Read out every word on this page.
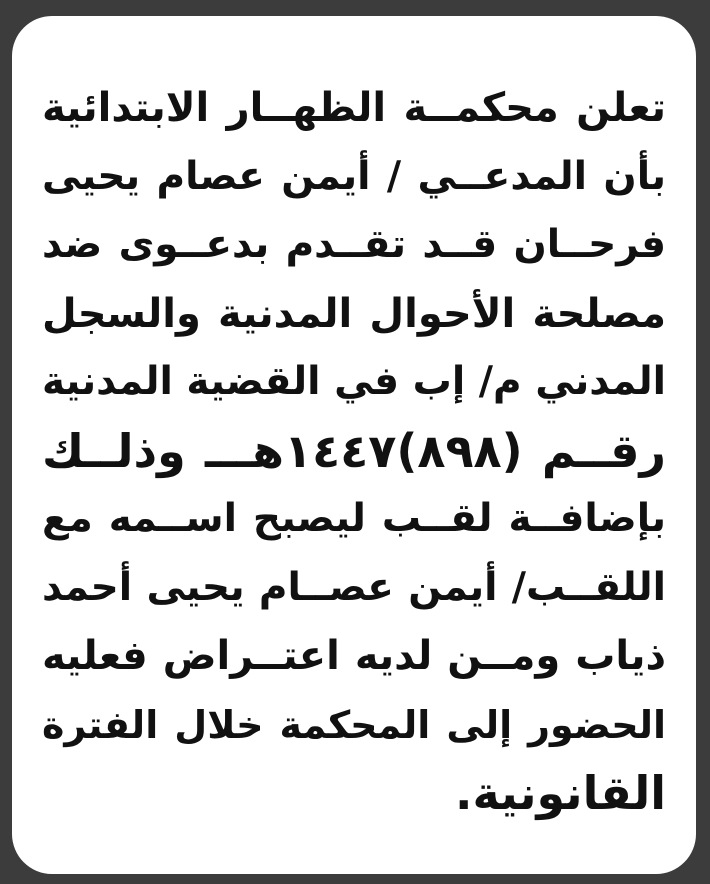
تعلن محكمــة الظهــار الابتدائية
بأن المدعــي / أيمن عصام يحيى
فرحــان قــد تقــدم بدعــوى ضد
مصلحة الأحوال المدنية والسجل
المدني م/ إب في القضية المدنية
رقــم (٨٩٨)١٤٤٧هـــ وذلــك
بإضافــة لقــب ليصبح اســمه مع
اللقــب/ أيمن عصــام يحيى أحمد
ذياب ومــن لديه اعتــراض فعليه
الحضور إلى المحكمة خلال الفترة
القانونية.
